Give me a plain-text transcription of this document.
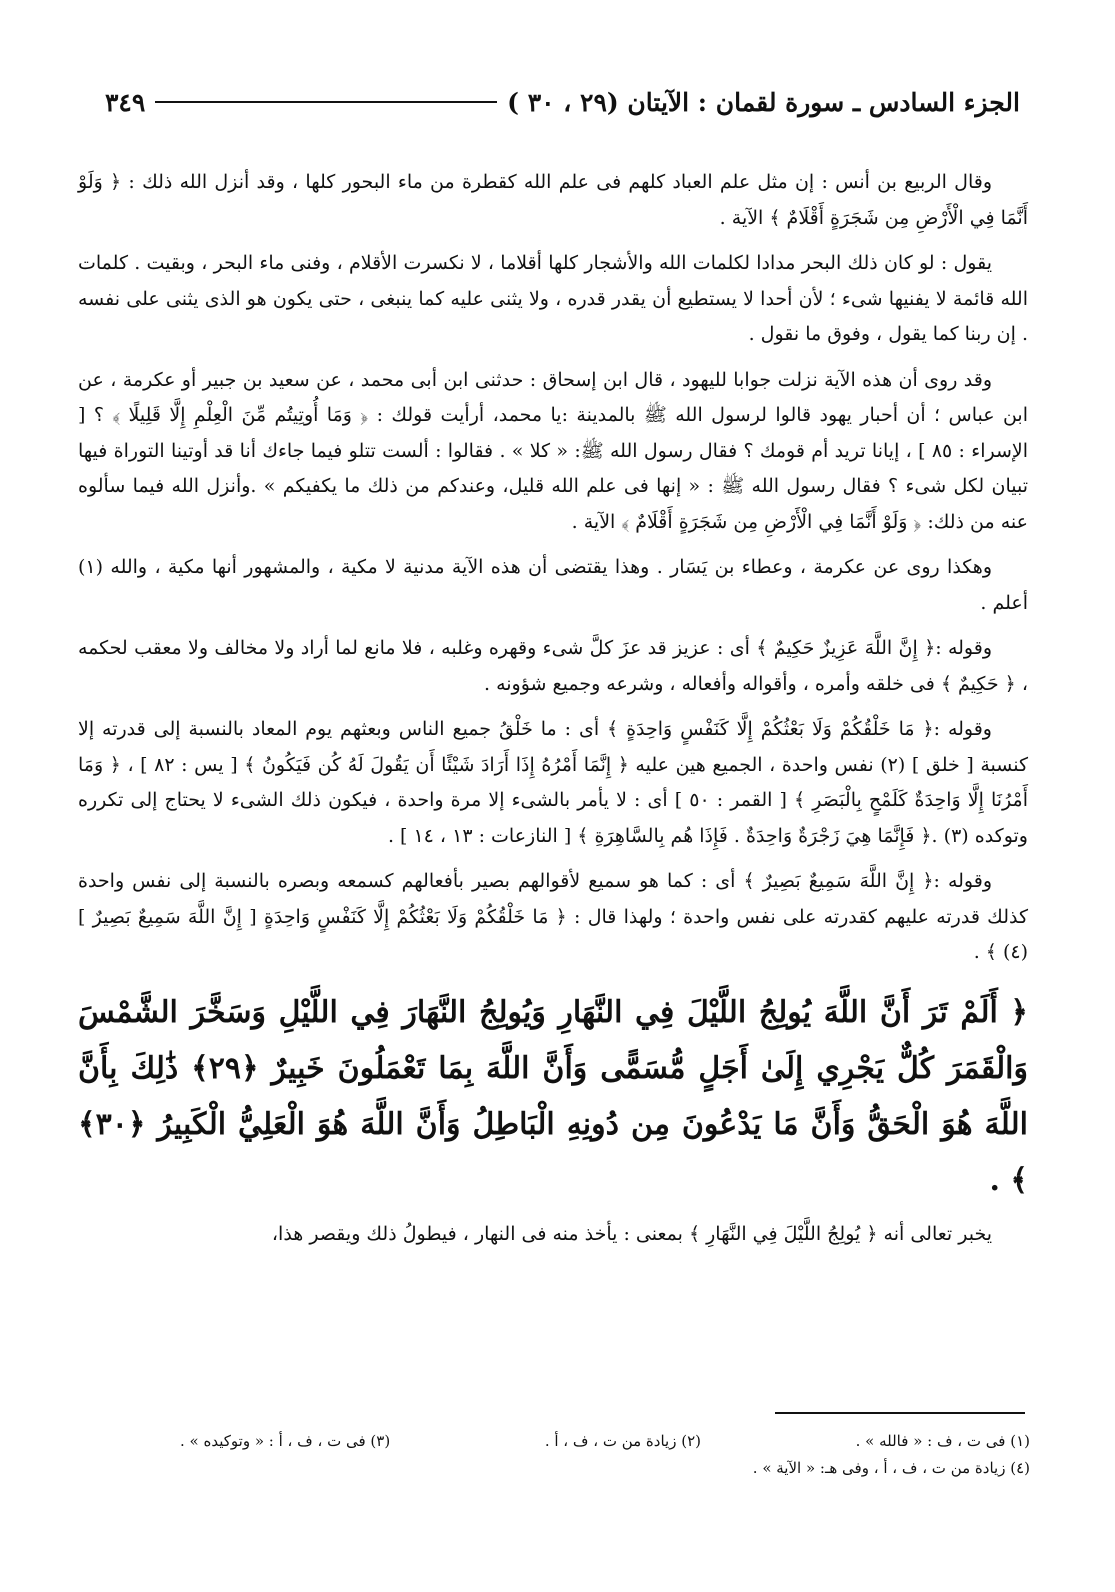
الجزء السادس ـ سورة لقمان : الآيتان (٢٩ ، ٣٠ )
٣٤٩

وقال الربيع بن أنس : إن مثل علم العباد كلهم فى علم الله كقطرة من ماء البحور كلها ، وقد أنزل الله ذلك : ﴿ وَلَوْ أَنَّمَا فِي الْأَرْضِ مِن شَجَرَةٍ أَقْلَامٌ ﴾ الآية .

يقول : لو كان ذلك البحر مدادا لكلمات الله والأشجار كلها أقلاما ، لا نكسرت الأقلام ، وفنى ماء البحر ، وبقيت . كلمات الله قائمة لا يفنيها شىء ؛ لأن أحدا لا يستطيع أن يقدر قدره ، ولا يثنى عليه كما ينبغى ، حتى يكون هو الذى يثنى على نفسه . إن ربنا كما يقول ، وفوق ما نقول .

وقد روى أن هذه الآية نزلت جوابا لليهود ، قال ابن إسحاق : حدثنى ابن أبى محمد ، عن سعيد بن جبير أو عكرمة ، عن ابن عباس ؛ أن أحبار يهود قالوا لرسول الله ﷺ بالمدينة :يا محمد، أرأيت قولك : ﴿ وَمَا أُوتِيتُم مِّنَ الْعِلْمِ إِلَّا قَلِيلًا ﴾ ؟ [ الإسراء : ٨٥ ] ، إيانا تريد أم قومك ؟ فقال رسول الله ﷺ: « كلا » . فقالوا : ألست تتلو فيما جاءك أنا قد أوتينا التوراة فيها تبيان لكل شىء ؟ فقال رسول الله ﷺ : « إنها فى علم الله قليل، وعندكم من ذلك ما يكفيكم » .وأنزل الله فيما سألوه عنه من ذلك: ﴿ وَلَوْ أَنَّمَا فِي الْأَرْضِ مِن شَجَرَةٍ أَقْلَامٌ ﴾ الآية .

وهكذا روى عن عكرمة ، وعطاء بن يَسَار . وهذا يقتضى أن هذه الآية مدنية لا مكية ، والمشهور أنها مكية ، والله (١) أعلم .

وقوله :﴿ إِنَّ اللَّهَ عَزِيزٌ حَكِيمٌ ﴾ أى : عزيز قد عزَ كلَّ شىء وقهره وغلبه ، فلا مانع لما أراد ولا مخالف ولا معقب لحكمه ، ﴿ حَكِيمٌ ﴾ فى خلقه وأمره ، وأقواله وأفعاله ، وشرعه وجميع شؤونه .

وقوله :﴿ مَا خَلْقُكُمْ وَلَا بَعْثُكُمْ إِلَّا كَنَفْسٍ وَاحِدَةٍ ﴾ أى : ما خَلْقُ جميع الناس وبعثهم يوم المعاد بالنسبة إلى قدرته إلا كنسبة [ خلق ] (٢) نفس واحدة ، الجميع هين عليه ﴿ إِنَّمَا أَمْرُهُ إِذَا أَرَادَ شَيْئًا أَن يَقُولَ لَهُ كُن فَيَكُونُ ﴾ [ يس : ٨٢ ] ، ﴿ وَمَا أَمْرُنَا إِلَّا وَاحِدَةٌ كَلَمْحٍ بِالْبَصَرِ ﴾ [ القمر : ٥٠ ] أى : لا يأمر بالشىء إلا مرة واحدة ، فيكون ذلك الشىء لا يحتاج إلى تكرره وتوكده (٣) .﴿ فَإِنَّمَا هِيَ زَجْرَةٌ وَاحِدَةٌ . فَإِذَا هُم بِالسَّاهِرَةِ ﴾ [ النازعات : ١٣ ، ١٤ ] .

وقوله :﴿ إِنَّ اللَّهَ سَمِيعٌ بَصِيرٌ ﴾ أى : كما هو سميع لأقوالهم بصير بأفعالهم كسمعه وبصره بالنسبة إلى نفس واحدة كذلك قدرته عليهم كقدرته على نفس واحدة ؛ ولهذا قال : ﴿ مَا خَلْقُكُمْ وَلَا بَعْثُكُمْ إِلَّا كَنَفْسٍ وَاحِدَةٍ [ إِنَّ اللَّهَ سَمِيعٌ بَصِيرٌ ] (٤) ﴾ .

﴿ أَلَمْ تَرَ أَنَّ اللَّهَ يُولِجُ اللَّيْلَ فِي النَّهَارِ وَيُولِجُ النَّهَارَ فِي اللَّيْلِ وَسَخَّرَ الشَّمْسَ وَالْقَمَرَ كُلٌّ يَجْرِي إِلَىٰ أَجَلٍ مُّسَمًّى وَأَنَّ اللَّهَ بِمَا تَعْمَلُونَ خَبِيرٌ ﴿٢٩﴾ ذَٰلِكَ بِأَنَّ اللَّهَ هُوَ الْحَقُّ وَأَنَّ مَا يَدْعُونَ مِن دُونِهِ الْبَاطِلُ وَأَنَّ اللَّهَ هُوَ الْعَلِيُّ الْكَبِيرُ ﴿٣٠﴾ ﴾ .

يخبر تعالى أنه ﴿ يُولِجُ اللَّيْلَ فِي النَّهَارِ ﴾ بمعنى : يأخذ منه فى النهار ، فيطولُ ذلك ويقصر هذا،

(١) فى ت ، ف : « فالله » .
(٢) زيادة من ت ، ف ، أ .
(٣) فى ت ، ف ، أ : « وتوكيده » .
(٤) زيادة من ت ، ف ، أ ، وفى هـ: « الآية » .
